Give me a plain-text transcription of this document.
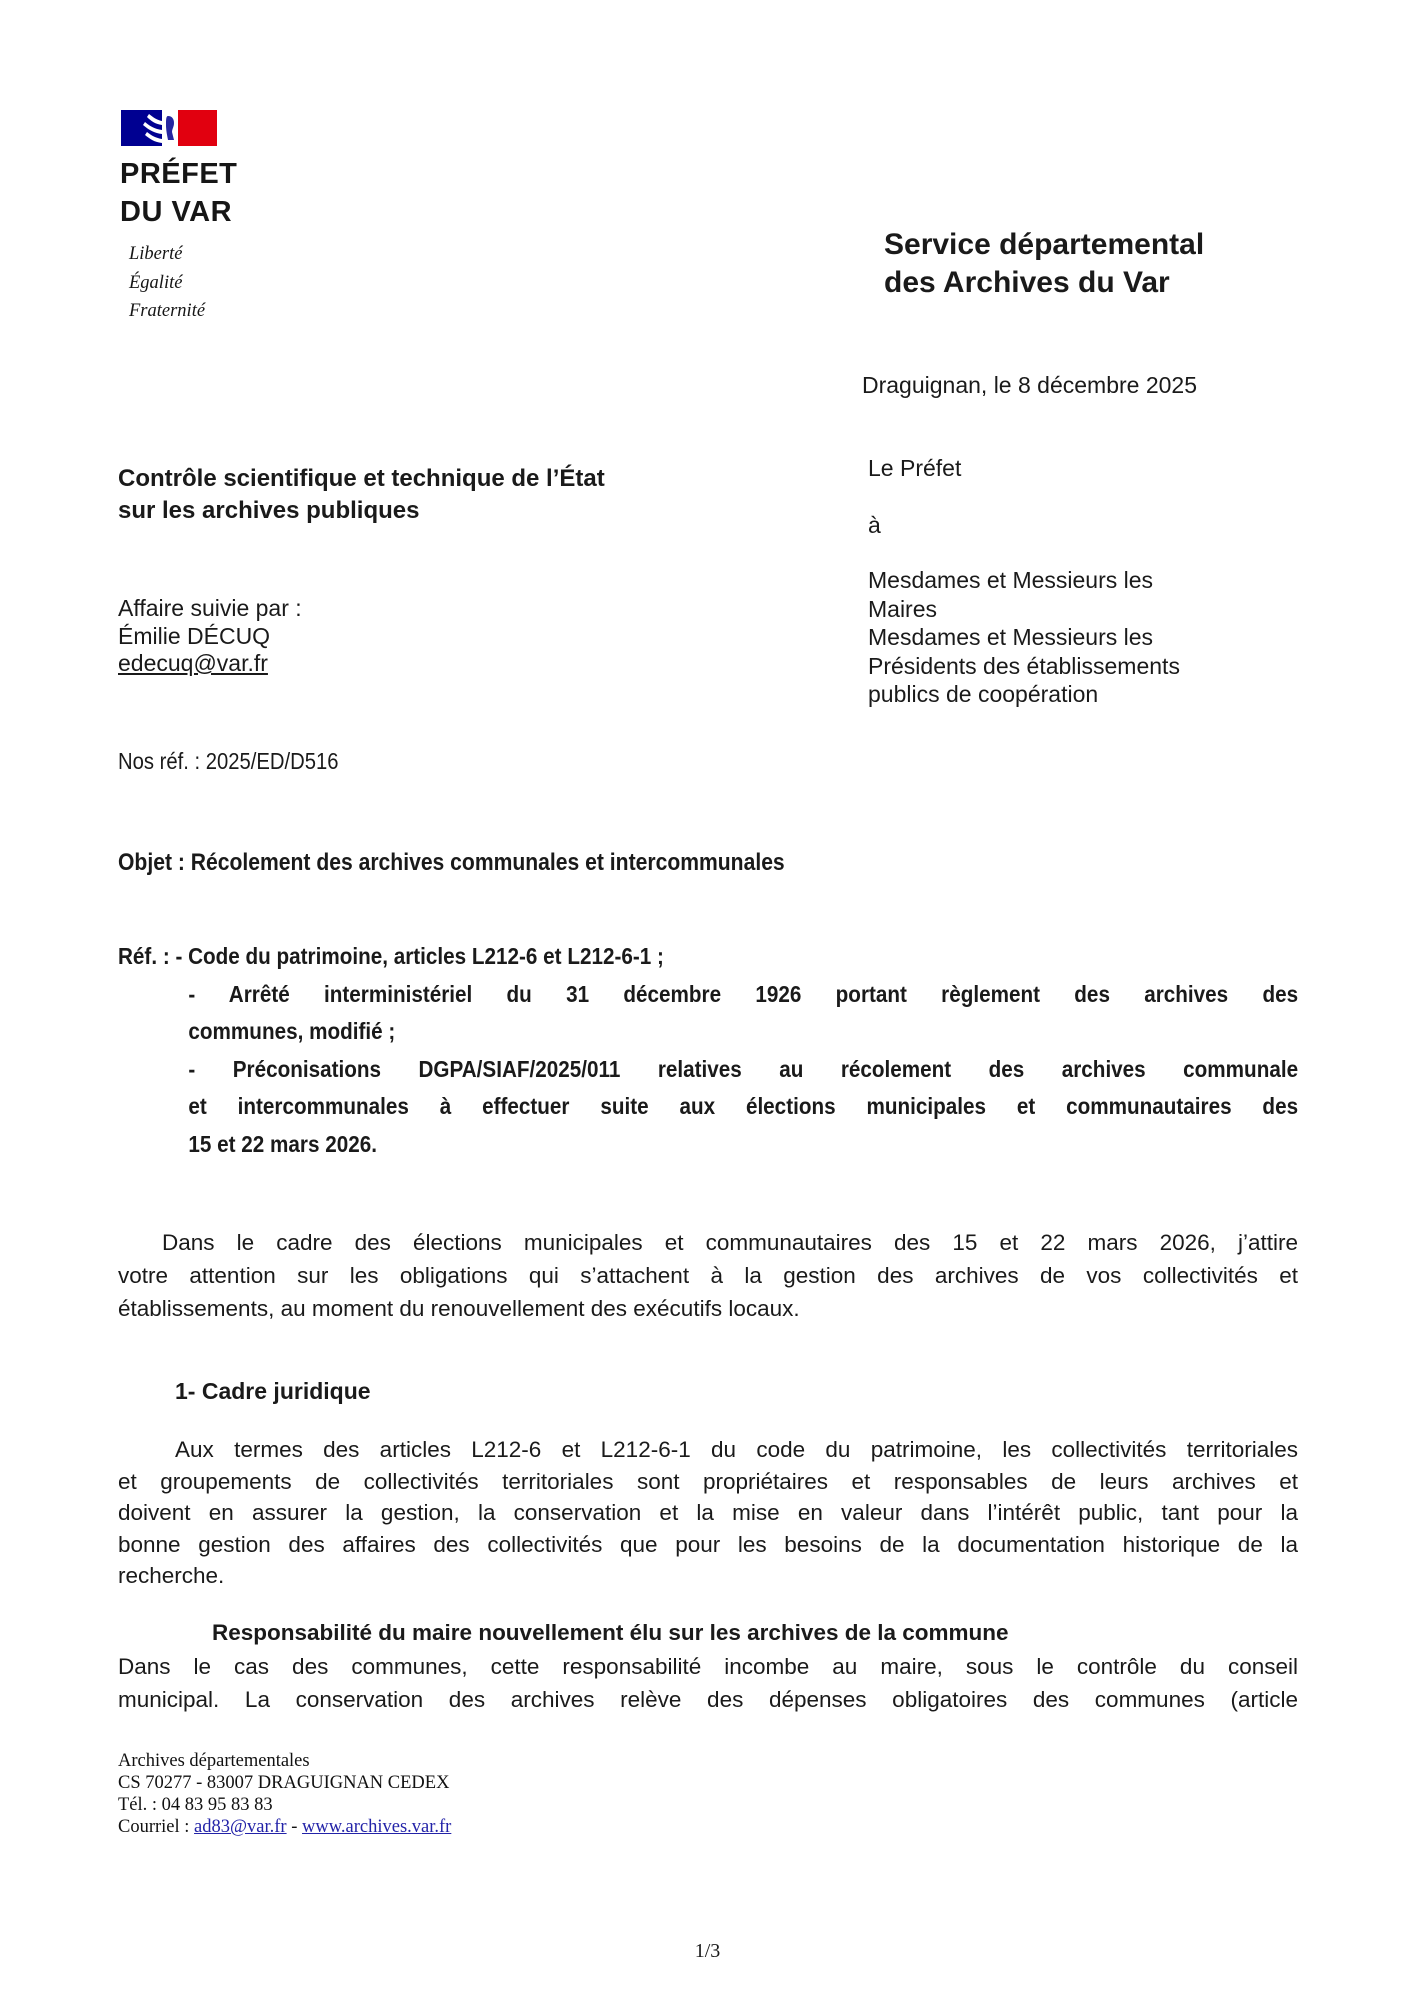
PRÉFET
DU VAR
Liberté
Égalité
Fraternité
Service départemental
des Archives du Var
Draguignan, le 8 décembre 2025
Contrôle scientifique et technique de l’État
sur les archives publiques
Le Préfet
à
Mesdames et Messieurs les
Maires
Mesdames et Messieurs les
Présidents des établissements
publics de coopération
Affaire suivie par :
Émilie DÉCUQ
edecuq@var.fr
Nos réf. : 2025/ED/D516
Objet : Récolement des archives communales et intercommunales
Réf. : - Code du patrimoine, articles L212-6 et L212-6-1 ;
- Arrêté interministériel du 31 décembre 1926 portant règlement des archives des
communes, modifié ;
- Préconisations DGPA/SIAF/2025/011 relatives au récolement des archives communale
et intercommunales à effectuer suite aux élections municipales et communautaires des
15 et 22 mars 2026.
Dans le cadre des élections municipales et communautaires des 15 et 22 mars 2026, j’attire
votre attention sur les obligations qui s’attachent à la gestion des archives de vos collectivités et
établissements, au moment du renouvellement des exécutifs locaux.
1- Cadre juridique
Aux termes des articles L212-6 et L212-6-1 du code du patrimoine, les collectivités territoriales
et groupements de collectivités territoriales sont propriétaires et responsables de leurs archives et
doivent en assurer la gestion, la conservation et la mise en valeur dans l’intérêt public, tant pour la
bonne gestion des affaires des collectivités que pour les besoins de la documentation historique de la
recherche.
Responsabilité du maire nouvellement élu sur les archives de la commune
Dans le cas des communes, cette responsabilité incombe au maire, sous le contrôle du conseil
municipal. La conservation des archives relève des dépenses obligatoires des communes (article
Archives départementales
CS 70277 - 83007 DRAGUIGNAN CEDEX
Tél. : 04 83 95 83 83
Courriel : ad83@var.fr - www.archives.var.fr
1/3
